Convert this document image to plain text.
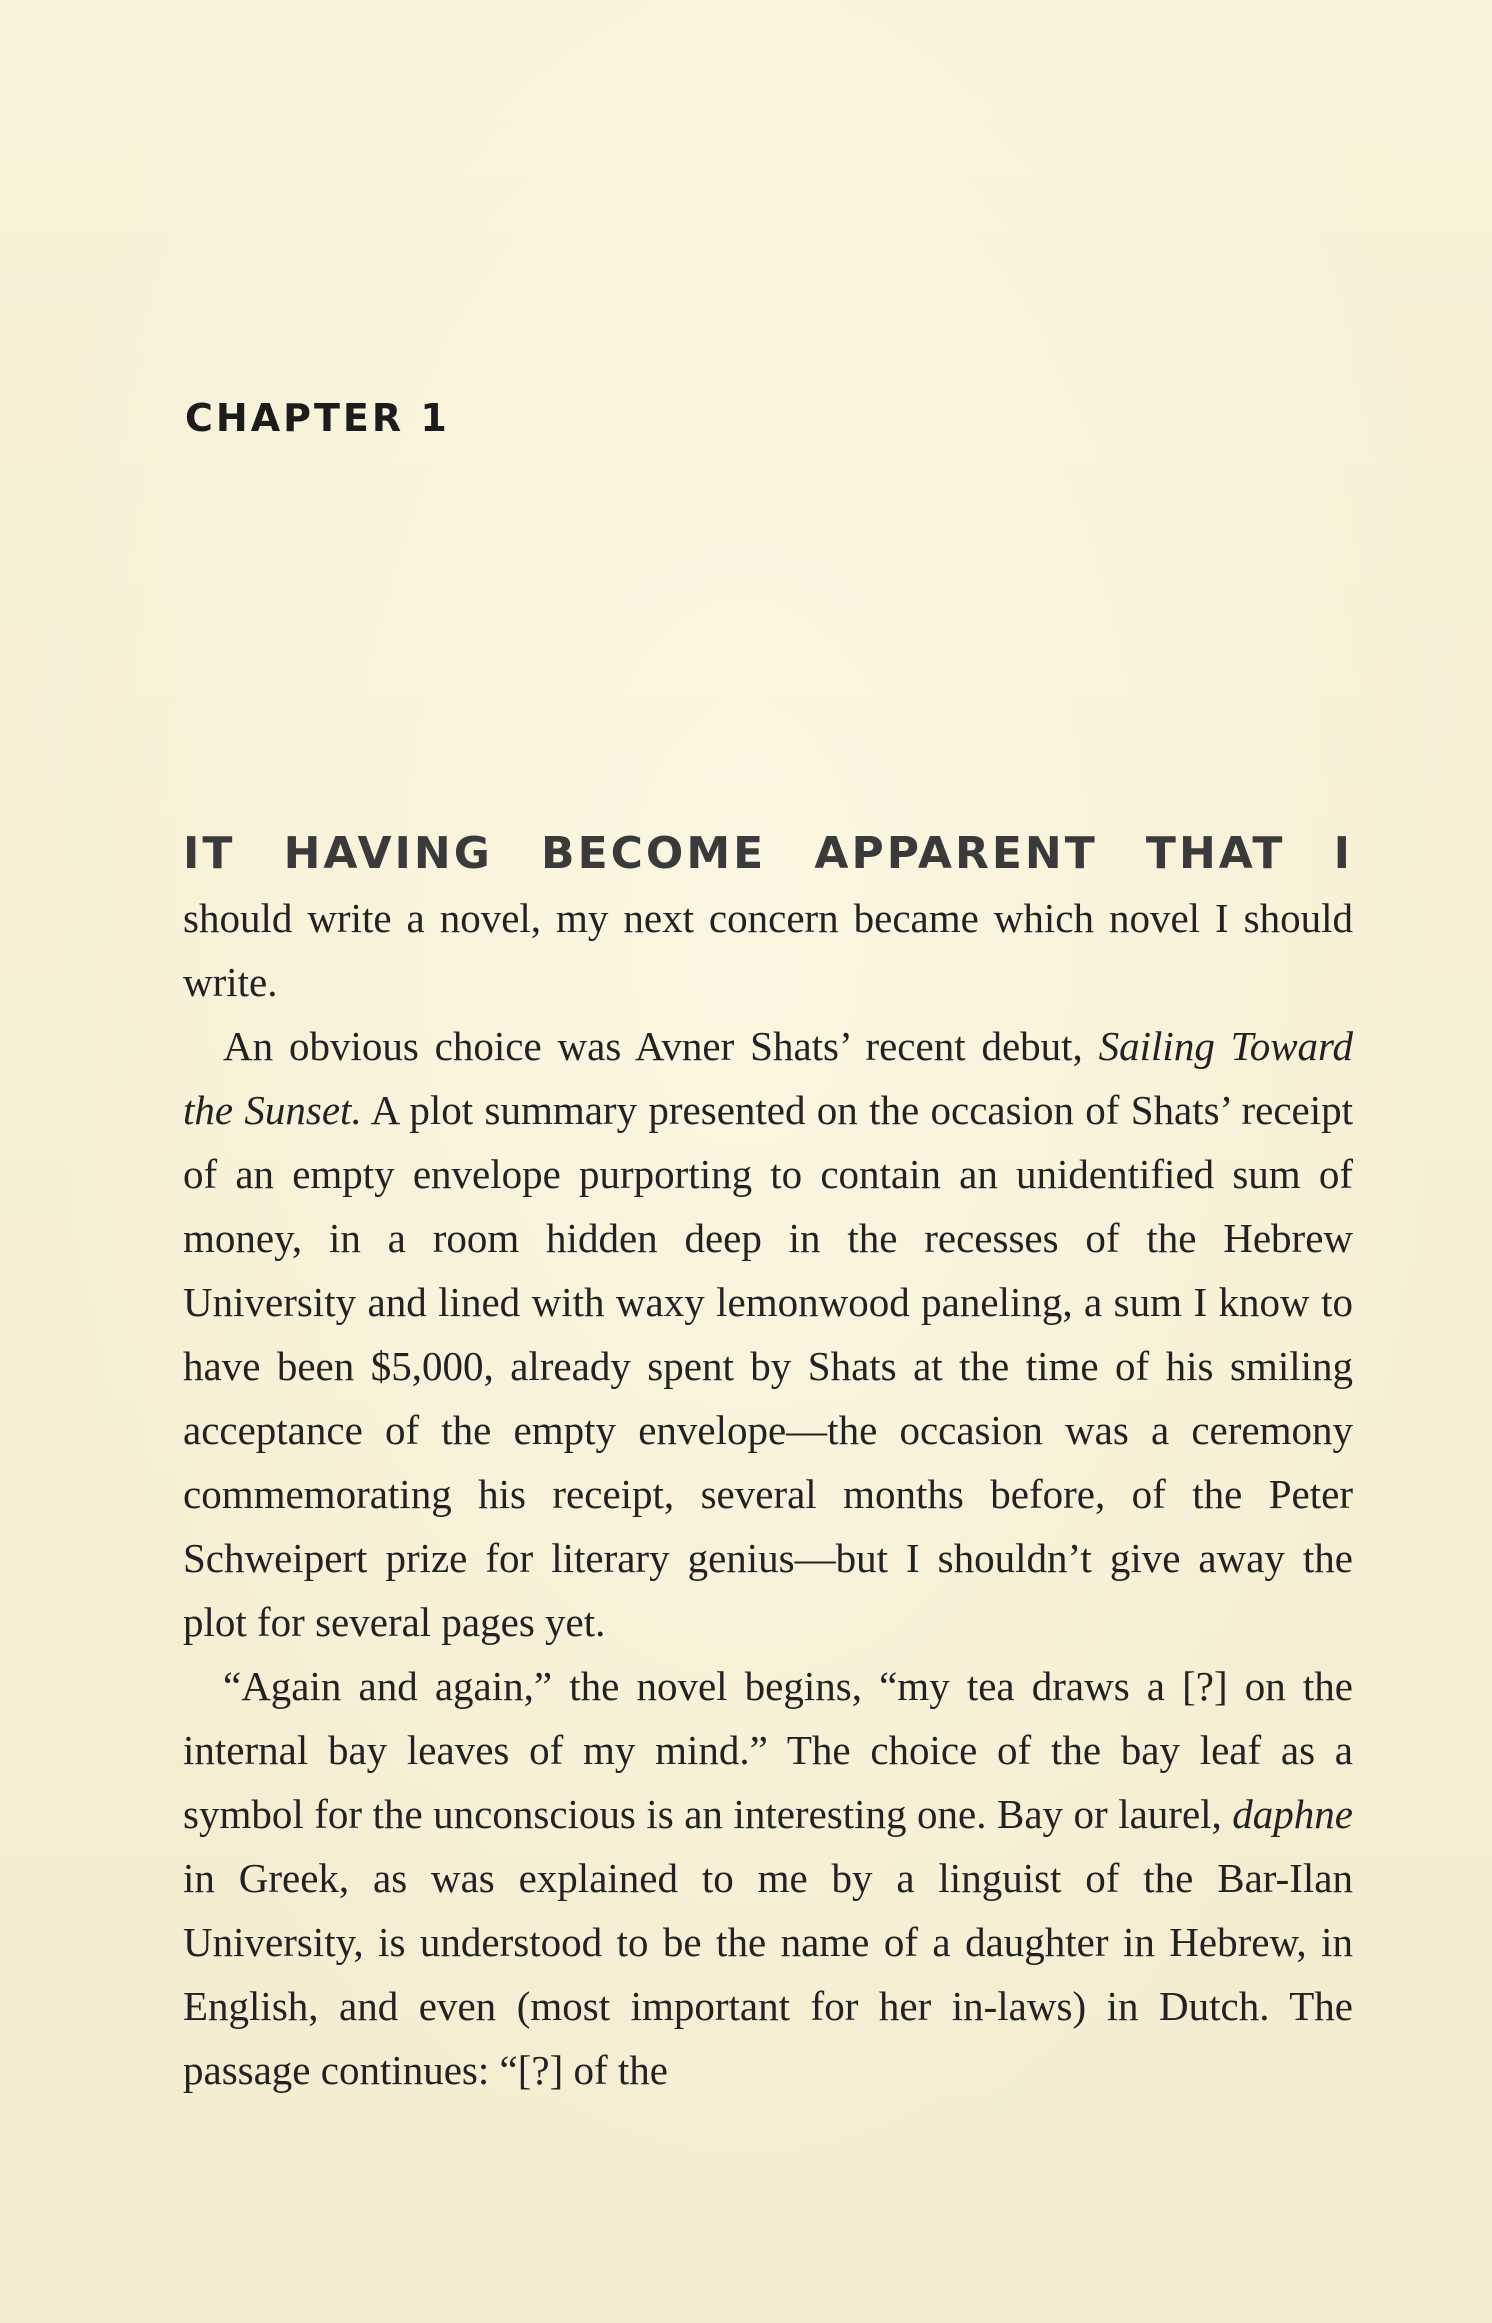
CHAPTER 1
IT HAVING BECOME APPARENT THAT I

should write a novel, my next concern became which novel I should write.

An obvious choice was Avner Shats’ recent debut, Sailing Toward the Sunset. A plot summary presented on the occasion of Shats’ receipt of an empty envelope purporting to contain an unidentified sum of money, in a room hidden deep in the recesses of the Hebrew University and lined with waxy lemonwood paneling, a sum I know to have been $5,000, already spent by Shats at the time of his smiling acceptance of the empty envelope—the occasion was a ceremony commemorating his receipt, several months before, of the Peter Schweipert prize for literary genius—but I shouldn’t give away the plot for several pages yet.

“Again and again,” the novel begins, “my tea draws a [?] on the internal bay leaves of my mind.” The choice of the bay leaf as a symbol for the unconscious is an interesting one. Bay or laurel, daphne in Greek, as was explained to me by a linguist of the Bar-Ilan University, is understood to be the name of a daughter in Hebrew, in English, and even (most important for her in-laws) in Dutch. The passage continues: “[?] of the
